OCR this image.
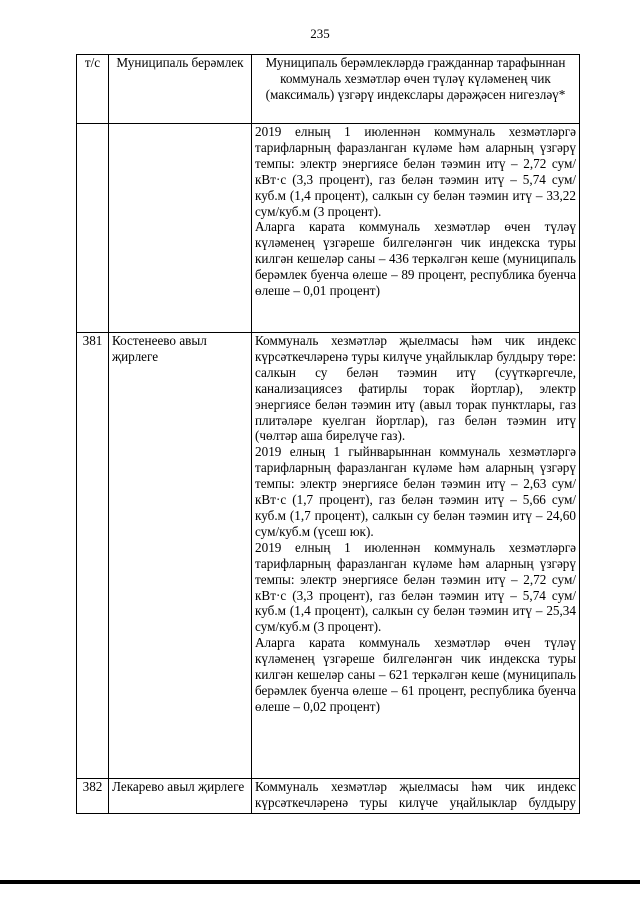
235
т/с	Муниципаль берәмлек	Муниципаль берәмлекләрдә гражданнар тарафыннан коммуналь хезмәтләр өчен түләү күләменең чик (максималь) үзгәрү индекслары дәрәҗәсен нигезләү*

		2019 елның 1 июленнән коммуналь хезмәтләргә тарифларның фаразланган күләме һәм аларның үзгәрү темпы: электр энергиясе белән тәэмин итү – 2,72 сум/кВт·с (3,3 процент), газ белән тәэмин итү – 5,74 сум/куб.м (1,4 процент), салкын су белән тәэмин итү – 33,22 сум/куб.м (3 процент).

Аларга карата коммуналь хезмәтләр өчен түләү күләменең үзгәреше билгеләнгән чик индекска туры килгән кешеләр саны – 436 теркәлгән кеше (муниципаль берәмлек буенча өлеше – 89 процент, республика буенча өлеше – 0,01 процент)

381	Костенеево авыл җирлеге	Коммуналь хезмәтләр җыелмасы һәм чик индекс күрсәткечләренә туры килүче уңайлыклар булдыру төре: салкын су белән тәэмин итү (суүткәргечле, канализациясез фатирлы торак йортлар), электр энергиясе белән тәэмин итү (авыл торак пунктлары, газ плитәләре куелган йортлар), газ белән тәэмин итү (чөлтәр аша бирелүче газ).

2019 елның 1 гыйнварыннан коммуналь хезмәтләргә тарифларның фаразланган күләме һәм аларның үзгәрү темпы: электр энергиясе белән тәэмин итү – 2,63 сум/кВт·с (1,7 процент), газ белән тәэмин итү – 5,66 сум/куб.м (1,7 процент), салкын су белән тәэмин итү – 24,60 сум/куб.м (үсеш юк).

2019 елның 1 июленнән коммуналь хезмәтләргә тарифларның фаразланган күләме һәм аларның үзгәрү темпы: электр энергиясе белән тәэмин итү – 2,72 сум/кВт·с (3,3 процент), газ белән тәэмин итү – 5,74 сум/куб.м (1,4 процент), салкын су белән тәэмин итү – 25,34 сум/куб.м (3 процент).

Аларга карата коммуналь хезмәтләр өчен түләү күләменең үзгәреше билгеләнгән чик индекска туры килгән кешеләр саны – 621 теркәлгән кеше (муниципаль берәмлек буенча өлеше – 61 процент, республика буенча өлеше – 0,02 процент)

382	Лекарево авыл җирлеге	Коммуналь хезмәтләр җыелмасы һәм чик индекс күрсәткечләренә туры килүче уңайлыклар булдыру
